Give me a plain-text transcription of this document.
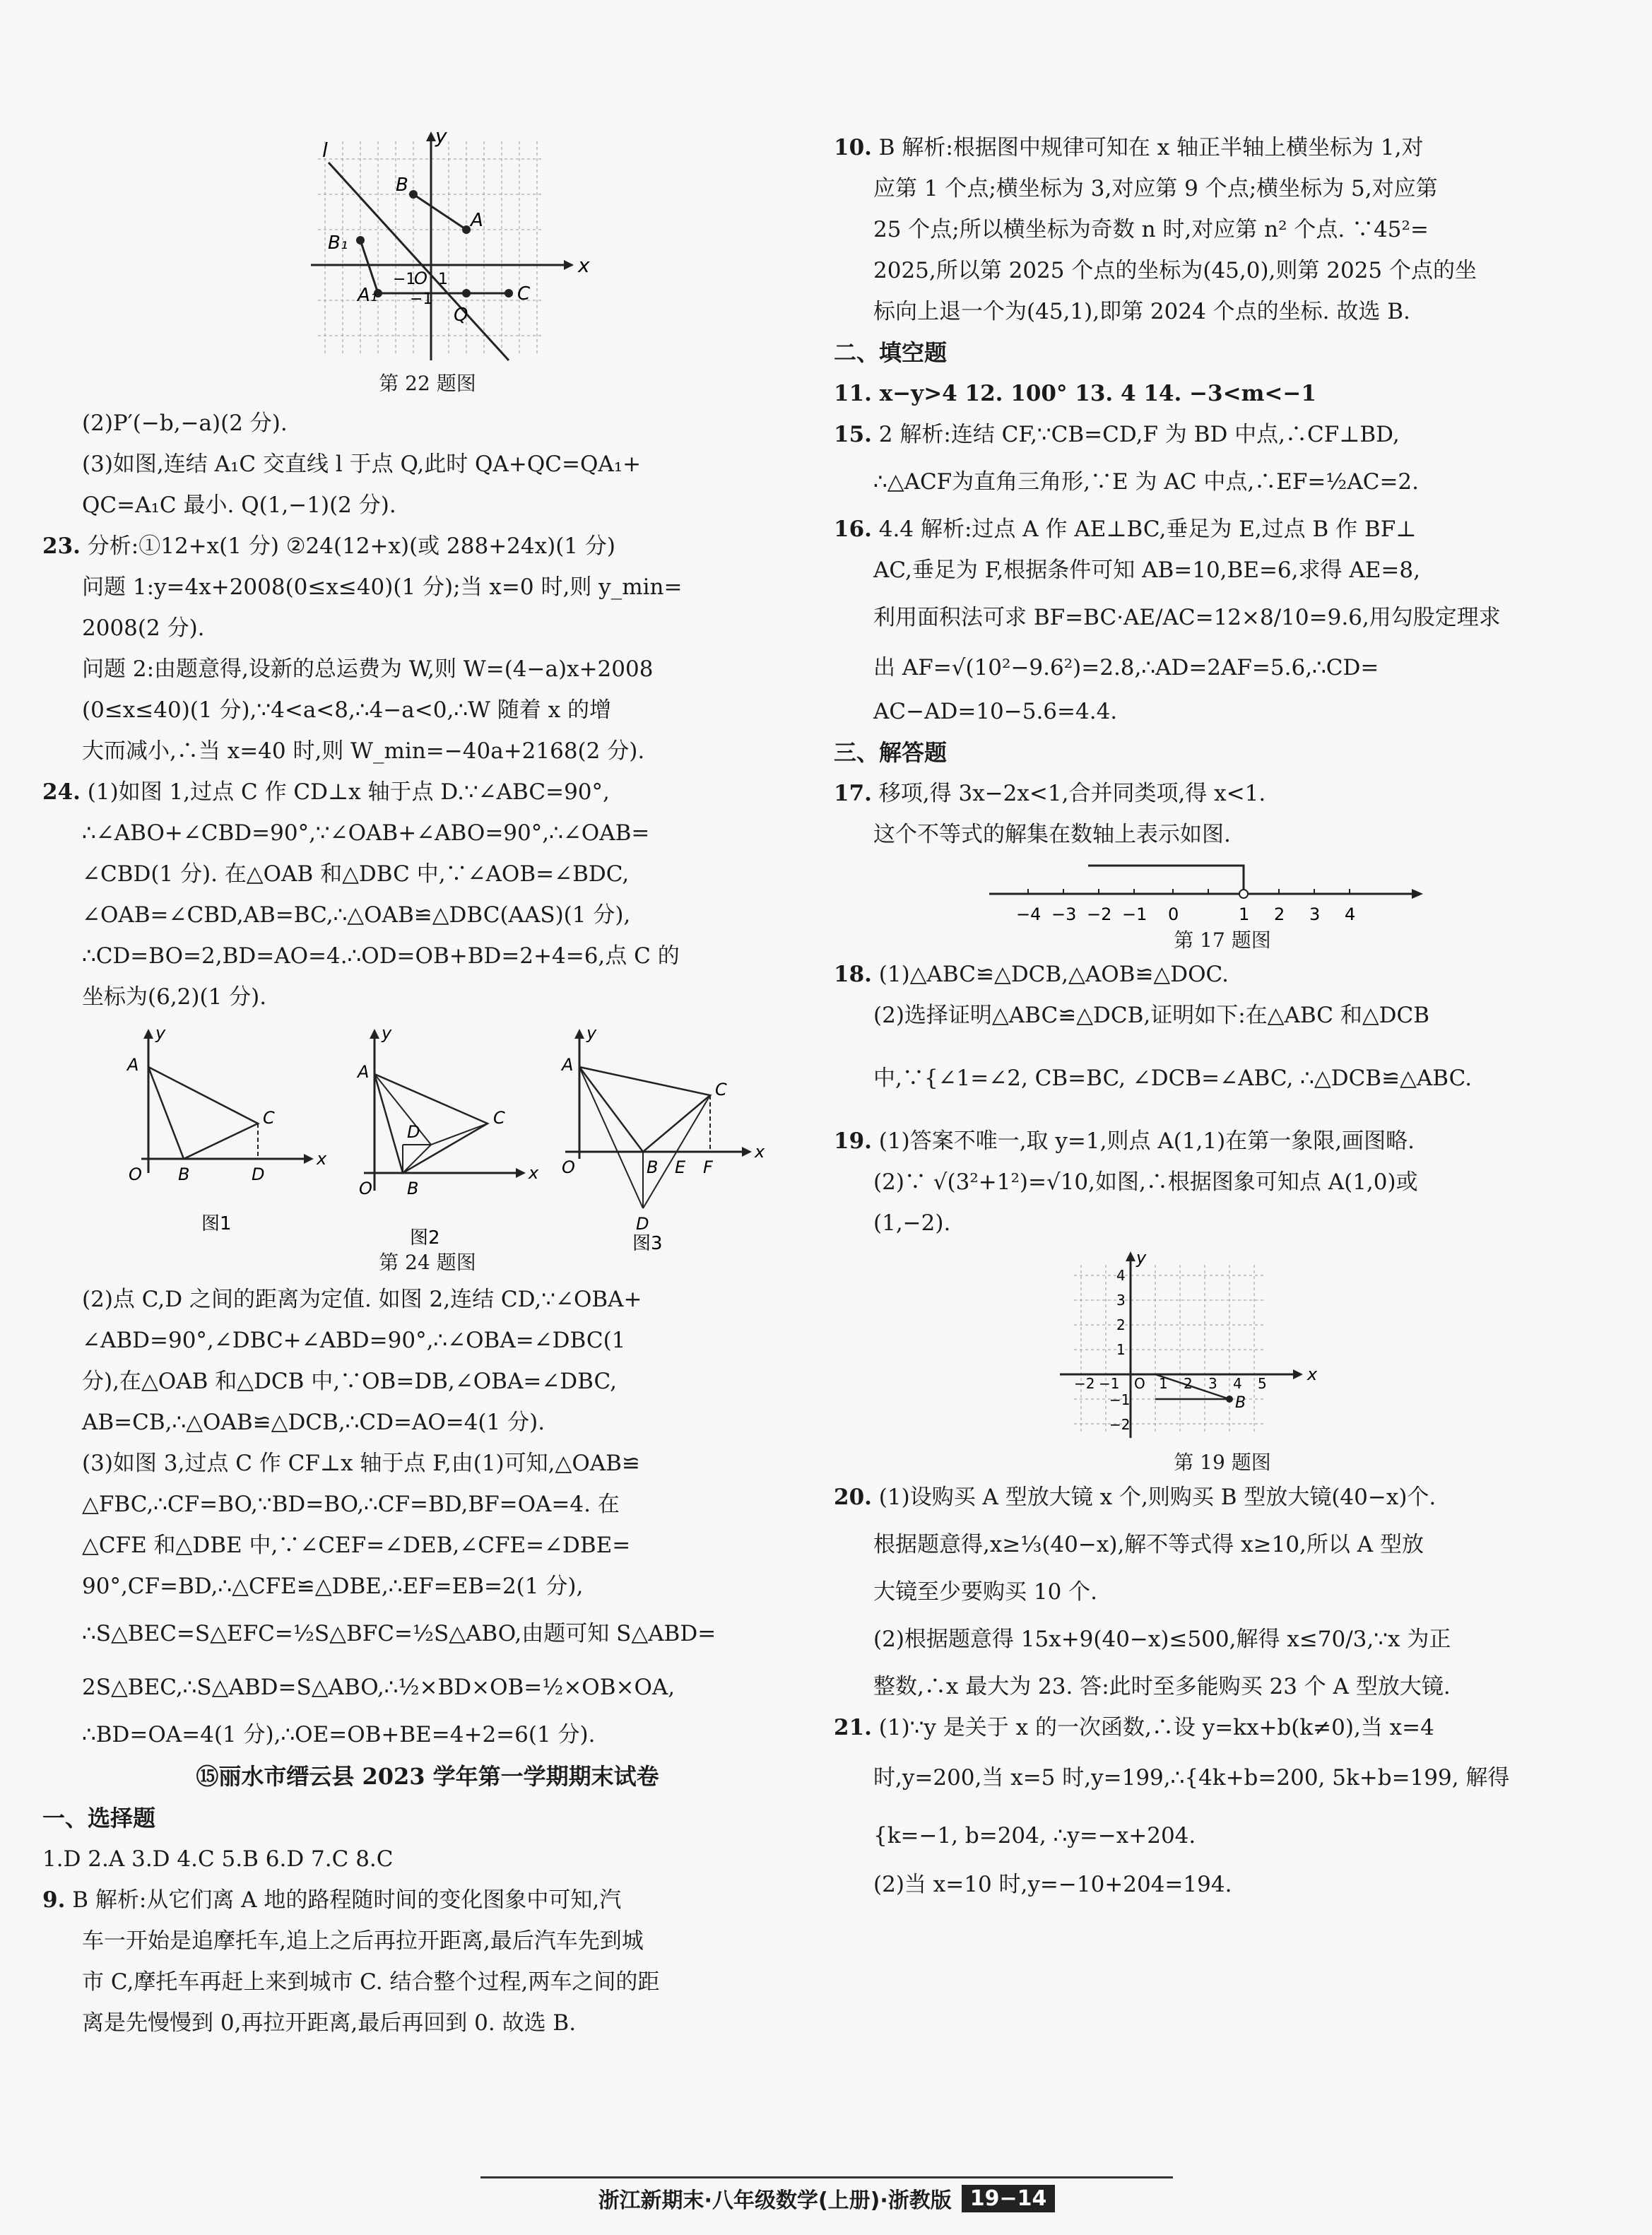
l
y
x
B
A
B₁
A₁	C
Q
O
−1 1
−1
第 22 题图
(2)P′(−b,−a)(2 分).
(3)如图,连结 A₁C 交直线 l 于点 Q,此时 QA+QC=QA₁+
QC=A₁C 最小. Q(1,−1)(2 分).
23. 分析:①12+x(1 分) ②24(12+x)(或 288+24x)(1 分)
问题 1:y=4x+2008(0≤x≤40)(1 分);当 x=0 时,则 y_min=
2008(2 分).
问题 2:由题意得,设新的总运费为 W,则 W=(4−a)x+2008
(0≤x≤40)(1 分),∵4<a<8,∴4−a<0,∴W 随着 x 的增
大而减小,∴当 x=40 时,则 W_min=−40a+2168(2 分).
24. (1)如图 1,过点 C 作 CD⊥x 轴于点 D.∵∠ABC=90°,
∴∠ABO+∠CBD=90°,∵∠OAB+∠ABO=90°,∴∠OAB=
∠CBD(1 分). 在△OAB 和△DBC 中,∵∠AOB=∠BDC,
∠OAB=∠CBD,AB=BC,∴△OAB≌△DBC(AAS)(1 分),
∴CD=BO=2,BD=AO=4.∴OD=OB+BD=2+4=6,点 C 的
坐标为(6,2)(1 分).
A
y
x
C
O B	D
图1
A
y
x
C
D
O B
图2
A
y
x
C
O	B E F
D
图3
第 24 题图
(2)点 C,D 之间的距离为定值. 如图 2,连结 CD,∵∠OBA+
∠ABD=90°,∠DBC+∠ABD=90°,∴∠OBA=∠DBC(1
分),在△OAB 和△DCB 中,∵OB=DB,∠OBA=∠DBC,
AB=CB,∴△OAB≌△DCB,∴CD=AO=4(1 分).
(3)如图 3,过点 C 作 CF⊥x 轴于点 F,由(1)可知,△OAB≌
△FBC,∴CF=BO,∵BD=BO,∴CF=BD,BF=OA=4. 在
△CFE 和△DBE 中,∵∠CEF=∠DEB,∠CFE=∠DBE=
90°,CF=BD,∴△CFE≌△DBE,∴EF=EB=2(1 分),
∴S△BEC=S△EFC=½S△BFC=½S△ABO,由题可知 S△ABD=
2S△BEC,∴S△ABD=S△ABO,∴½×BD×OB=½×OB×OA,
∴BD=OA=4(1 分),∴OE=OB+BE=4+2=6(1 分).
⑮丽水市缙云县 2023 学年第一学期期末试卷
一、选择题
1.D 2.A 3.D 4.C 5.B 6.D 7.C 8.C
9. B 解析:从它们离 A 地的路程随时间的变化图象中可知,汽
车一开始是追摩托车,追上之后再拉开距离,最后汽车先到城
市 C,摩托车再赶上来到城市 C. 结合整个过程,两车之间的距
离是先慢慢到 0,再拉开距离,最后再回到 0. 故选 B.
10. B 解析:根据图中规律可知在 x 轴正半轴上横坐标为 1,对
应第 1 个点;横坐标为 3,对应第 9 个点;横坐标为 5,对应第
25 个点;所以横坐标为奇数 n 时,对应第 n² 个点. ∵45²=
2025,所以第 2025 个点的坐标为(45,0),则第 2025 个点的坐
标向上退一个为(45,1),即第 2024 个点的坐标. 故选 B.
二、填空题
11. x−y>4 12. 100° 13. 4 14. −3<m<−1
15. 2 解析:连结 CF,∵CB=CD,F 为 BD 中点,∴CF⊥BD,
∴△ACF为直角三角形,∵E 为 AC 中点,∴EF=½AC=2.
16. 4.4 解析:过点 A 作 AE⊥BC,垂足为 E,过点 B 作 BF⊥
AC,垂足为 F,根据条件可知 AB=10,BE=6,求得 AE=8,
利用面积法可求 BF=BC·AE/AC=12×8/10=9.6,用勾股定理求
出 AF=√(10²−9.6²)=2.8,∴AD=2AF=5.6,∴CD=
AC−AD=10−5.6=4.4.
三、解答题
17. 移项,得 3x−2x<1,合并同类项,得 x<1.
这个不等式的解集在数轴上表示如图.
−4 −3 −2 −1 0	1 2 3 4
第 17 题图
18. (1)△ABC≌△DCB,△AOB≌△DOC.
(2)选择证明△ABC≌△DCB,证明如下:在△ABC 和△DCB
中,∵{∠1=∠2, CB=BC, ∠DCB=∠ABC, ∴△DCB≌△ABC.
19. (1)答案不唯一,取 y=1,则点 A(1,1)在第一象限,画图略.
(2)∵ √(3²+1²)=√10,如图,∴根据图象可知点 A(1,0)或
(1,−2).
y
x
B
4
3
2
1
−2 −1 O 1 2 3 4 5
−1
−2
第 19 题图
20. (1)设购买 A 型放大镜 x 个,则购买 B 型放大镜(40−x)个.
根据题意得,x≥⅓(40−x),解不等式得 x≥10,所以 A 型放
大镜至少要购买 10 个.
(2)根据题意得 15x+9(40−x)≤500,解得 x≤70/3,∵x 为正
整数,∴x 最大为 23. 答:此时至多能购买 23 个 A 型放大镜.
21. (1)∵y 是关于 x 的一次函数,∴设 y=kx+b(k≠0),当 x=4
时,y=200,当 x=5 时,y=199,∴{4k+b=200, 5k+b=199, 解得
{k=−1, b=204, ∴y=−x+204.
(2)当 x=10 时,y=−10+204=194.
浙江新期末·八年级数学(上册)·浙教版 19−14
